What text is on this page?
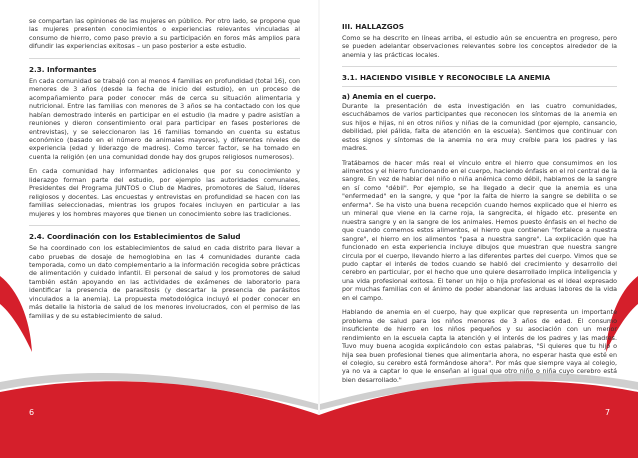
se compartan las opiniones de las mujeres en público. Por otro lado, se propone que las mujeres presenten conocimientos o experiencias relevantes vinculadas al consumo de hierro, como paso previo a su participación en foros más amplios para difundir las experiencias exitosas – un paso posterior a este estudio.

2.3. Informantes

En cada comunidad se trabajó con al menos 4 familias en profundidad (total 16), con menores de 3 años (desde la fecha de inicio del estudio), en un proceso de acompañamiento para poder conocer más de cerca su situación alimentaria y nutricional. Entre las familias con menores de 3 años se ha contactado con los que habían demostrado interés en participar en el estudio (la madre y padre asistían a reuniones y dieron consentimiento oral para participar en fases posteriores de entrevistas), y se seleccionaron las 16 familias tomando en cuenta su estatus económico (basado en el número de animales mayores), y diferentes niveles de experiencia (edad y liderazgo de madres). Como tercer factor, se ha tomado en cuenta la religión (en una comunidad donde hay dos grupos religiosos numerosos).

En cada comunidad hay informantes adicionales que por su conocimiento y liderazgo forman parte del estudio, por ejemplo las autoridades comunales, Presidentes del Programa JUNTOS o Club de Madres, promotores de Salud, líderes religiosos y docentes. Las encuestas y entrevistas en profundidad se hacen con las familias seleccionadas, mientras los grupos focales incluyen en particular a las mujeres y los hombres mayores que tienen un conocimiento sobre las tradiciones.

2.4. Coordinación con los Establecimientos de Salud

Se ha coordinado con los establecimientos de salud en cada distrito para llevar a cabo pruebas de dosaje de hemoglobina en las 4 comunidades durante cada temporada, como un dato complementario a la información recogida sobre prácticas de alimentación y cuidado infantil. El personal de salud y los promotores de salud también están apoyando en las actividades de exámenes de laboratorio para identificar la presencia de parasitosis (y descartar la presencia de parásitos vinculados a la anemia). La propuesta metodológica incluyó el poder conocer en más detalle la historia de salud de los menores involucrados, con el permiso de las familias y de su establecimiento de salud.

III. HALLAZGOS

Como se ha descrito en líneas arriba, el estudio aún se encuentra en progreso, pero se pueden adelantar observaciones relevantes sobre los conceptos alrededor de la anemia y las prácticas locales.

3.1. HACIENDO VISIBLE Y RECONOCIBLE LA ANEMIA
a) Anemia en el cuerpo.

Durante la presentación de esta investigación en las cuatro comunidades, escuchábamos de varios participantes que reconocen los síntomas de la anemia en sus hijos e hijas, ni en otros niños y niñas de la comunidad (por ejemplo, cansancio, debilidad, piel pálida, falta de atención en la escuela). Sentimos que continuar con estos signos y síntomas de la anemia no era muy creíble para los padres y las madres.

Tratábamos de hacer más real el vínculo entre el hierro que consumimos en los alimentos y el hierro funcionando en el cuerpo, haciendo énfasis en el rol central de la sangre. En vez de hablar del niño o niña anémica como débil, hablamos de la sangre en sí como "débil". Por ejemplo, se ha llegado a decir que la anemia es una "enfermedad" en la sangre, y que "por la falta de hierro la sangre se debilita o se enferma". Se ha visto una buena recepción cuando hemos explicado que el hierro es un mineral que viene en la carne roja, la sangrecita, el hígado etc. presente en nuestra sangre y en la sangre de los animales. Hemos puesto énfasis en el hecho de que cuando comemos estos alimentos, el hierro que contienen "fortalece a nuestra sangre", el hierro en los alimentos "pasa a nuestra sangre". La explicación que ha funcionado en esta experiencia incluye dibujos que muestran que nuestra sangre circula por el cuerpo, llevando hierro a las diferentes partes del cuerpo. Vimos que se pudo captar el interés de todos cuando se habló del crecimiento y desarrollo del cerebro en particular, por el hecho que uno quiere desarrollado implica inteligencia y una vida profesional exitosa. El tener un hijo o hija profesional es el ideal expresado por muchas familias con el ánimo de poder abandonar las arduas labores de la vida en el campo.

Hablando de anemia en el cuerpo, hay que explicar que representa un importante problema de salud para los niños menores de 3 años de edad. El consumo insuficiente de hierro en los niños pequeños y su asociación con un menor rendimiento en la escuela capta la atención y el interés de los padres y las madres. Tuvo muy buena acogida explicándolo con estas palabras, "Si quieres que tu hijo o hija sea buen profesional tienes que alimentarla ahora, no esperar hasta que esté en el colegio, su cerebro está formándose ahora". Por más que siempre vaya al colegio, ya no va a captar lo que le enseñan al igual que otro niño o niña cuyo cerebro está bien desarrollado."

6	7
